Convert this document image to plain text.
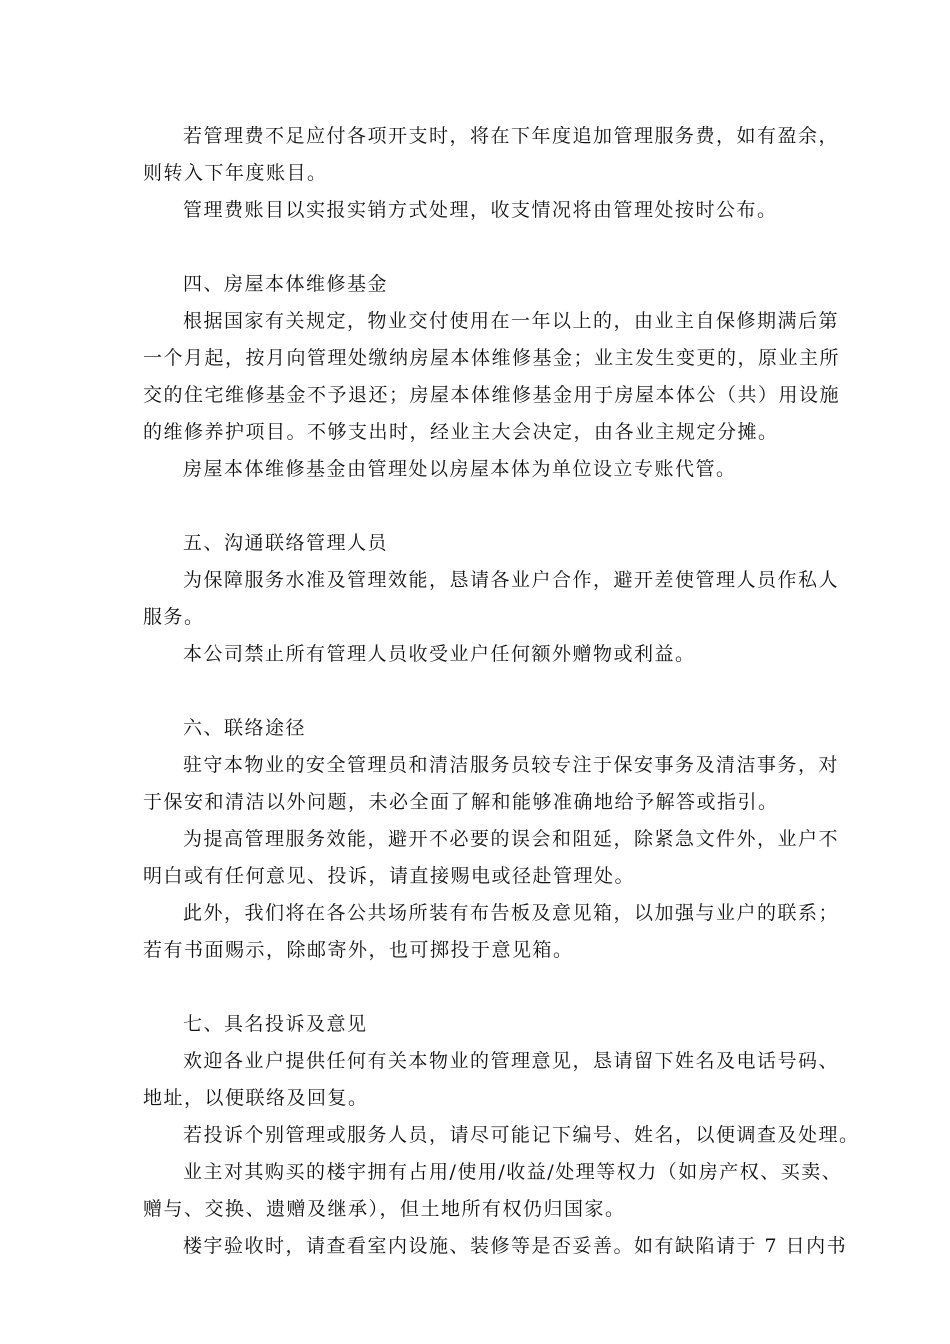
若管理费不足应付各项开支时，将在下年度追加管理服务费，如有盈余，
则转入下年度账目。
管理费账目以实报实销方式处理，收支情况将由管理处按时公布。
四、房屋本体维修基金
根据国家有关规定，物业交付使用在一年以上的，由业主自保修期满后第
一个月起，按月向管理处缴纳房屋本体维修基金；业主发生变更的，原业主所
交的住宅维修基金不予退还；房屋本体维修基金用于房屋本体公（共）用设施
的维修养护项目。不够支出时，经业主大会决定，由各业主规定分摊。
房屋本体维修基金由管理处以房屋本体为单位设立专账代管。
五、沟通联络管理人员
为保障服务水准及管理效能，恳请各业户合作，避开差使管理人员作私人
服务。
本公司禁止所有管理人员收受业户任何额外赠物或利益。
六、联络途径
驻守本物业的安全管理员和清洁服务员较专注于保安事务及清洁事务，对
于保安和清洁以外问题，未必全面了解和能够准确地给予解答或指引。
为提高管理服务效能，避开不必要的误会和阻延，除紧急文件外，业户不
明白或有任何意见、投诉，请直接赐电或径赴管理处。
此外，我们将在各公共场所装有布告板及意见箱，以加强与业户的联系；
若有书面赐示，除邮寄外，也可掷投于意见箱。
七、具名投诉及意见
欢迎各业户提供任何有关本物业的管理意见，恳请留下姓名及电话号码、
地址，以便联络及回复。
若投诉个别管理或服务人员，请尽可能记下编号、姓名，以便调查及处理。
业主对其购买的楼宇拥有占用/使用/收益/处理等权力（如房产权、买卖、
赠与、交换、遗赠及继承），但土地所有权仍归国家。
楼宇验收时，请查看室内设施、装修等是否妥善。如有缺陷请于 7 日内书
